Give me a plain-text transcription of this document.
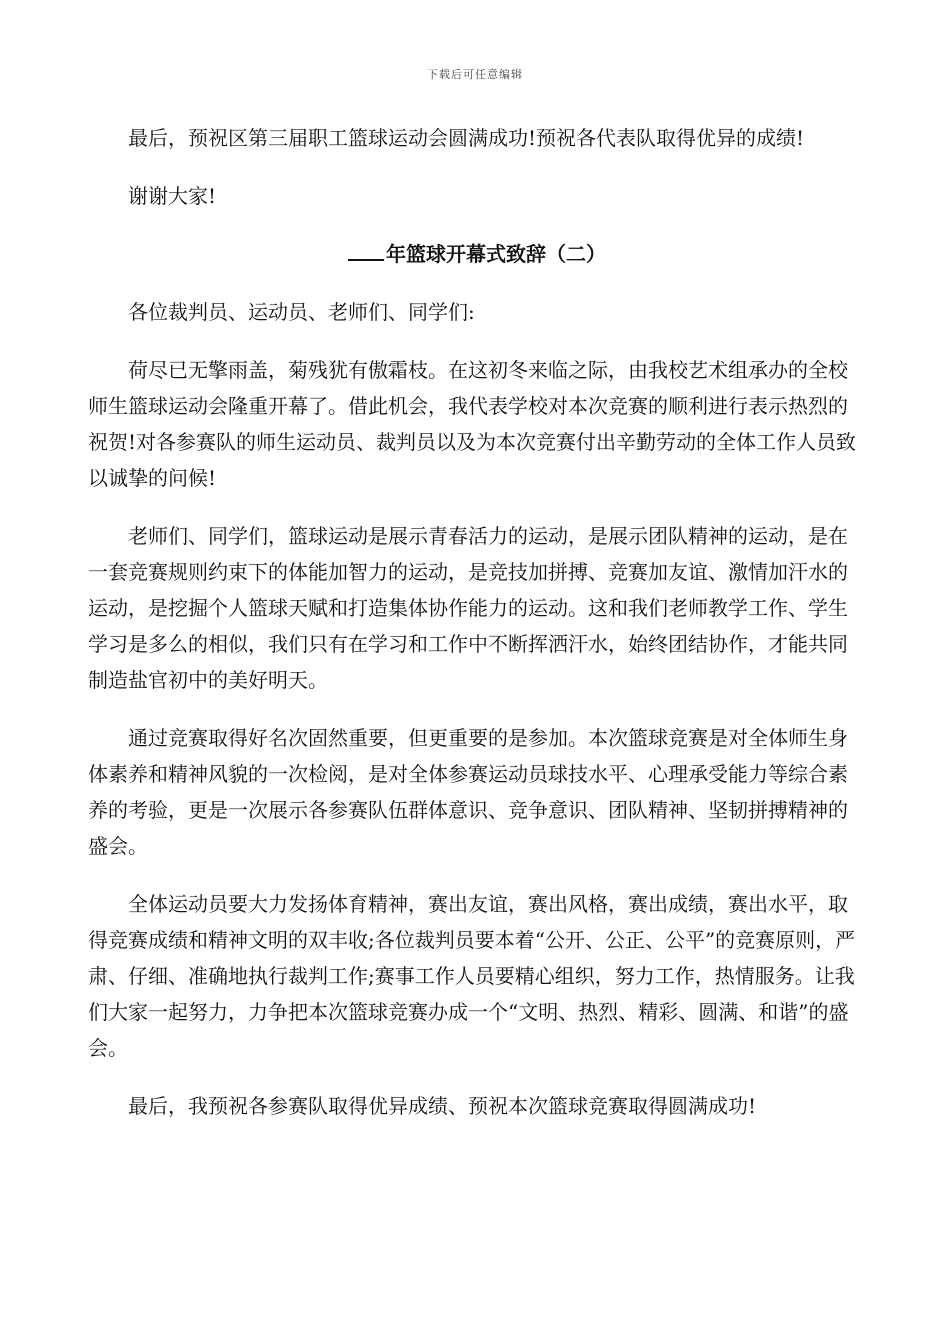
下载后可任意编辑

最后，预祝区第三届职工篮球运动会圆满成功!预祝各代表队取得优异的成绩!

谢谢大家!

年篮球开幕式致辞（二）

各位裁判员、运动员、老师们、同学们:

荷尽已无擎雨盖，菊残犹有傲霜枝。在这初冬来临之际，由我校艺术组承办的全校师生篮球运动会隆重开幕了。借此机会，我代表学校对本次竞赛的顺利进行表示热烈的祝贺!对各参赛队的师生运动员、裁判员以及为本次竞赛付出辛勤劳动的全体工作人员致以诚挚的问候!

老师们、同学们，篮球运动是展示青春活力的运动，是展示团队精神的运动，是在一套竞赛规则约束下的体能加智力的运动，是竞技加拼搏、竞赛加友谊、激情加汗水的运动，是挖掘个人篮球天赋和打造集体协作能力的运动。这和我们老师教学工作、学生学习是多么的相似，我们只有在学习和工作中不断挥洒汗水，始终团结协作，才能共同制造盐官初中的美好明天。

通过竞赛取得好名次固然重要，但更重要的是参加。本次篮球竞赛是对全体师生身体素养和精神风貌的一次检阅，是对全体参赛运动员球技水平、心理承受能力等综合素养的考验，更是一次展示各参赛队伍群体意识、竞争意识、团队精神、坚韧拼搏精神的盛会。

全体运动员要大力发扬体育精神，赛出友谊，赛出风格，赛出成绩，赛出水平，取得竞赛成绩和精神文明的双丰收;各位裁判员要本着“公开、公正、公平”的竞赛原则，严肃、仔细、准确地执行裁判工作;赛事工作人员要精心组织，努力工作，热情服务。让我们大家一起努力，力争把本次篮球竞赛办成一个“文明、热烈、精彩、圆满、和谐”的盛会。

最后，我预祝各参赛队取得优异成绩、预祝本次篮球竞赛取得圆满成功!
